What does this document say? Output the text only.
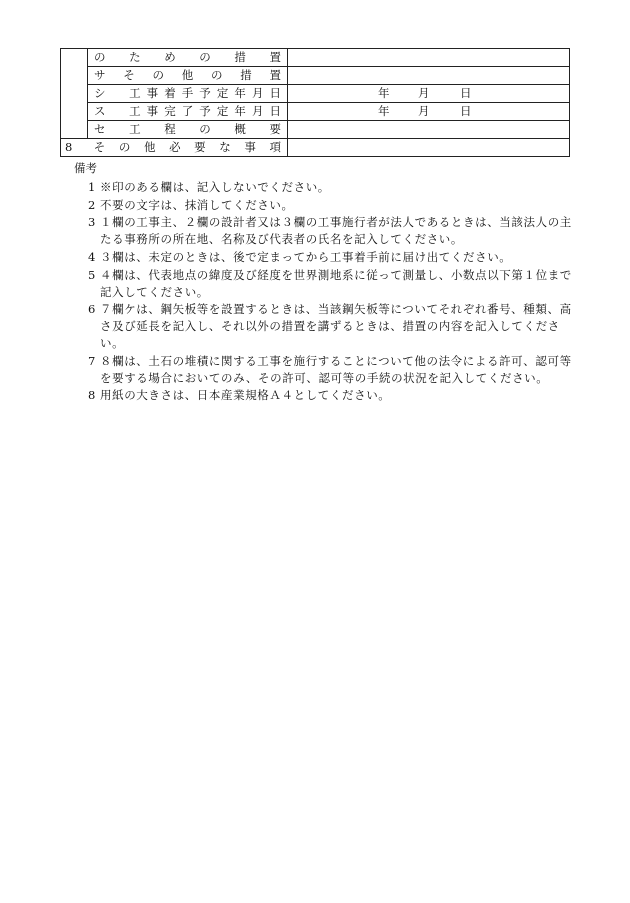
	の　た　め　の　措　置	
	サ　そ　の　他　の　措　置	
	シ　工事着手予定年月日	年 月 日

	ス　工事完了予定年月日	年 月 日

	セ　工　程　の　概　要	
8　そ の 他 必 要 な 事 項		
備考
1 ※印のある欄は、記入しないでください。
2 不要の文字は、抹消してください。
3 １欄の工事主、２欄の設計者又は３欄の工事施行者が法人であるときは、当該法人の主たる事務所の所在地、名称及び代表者の氏名を記入してください。
4 ３欄は、未定のときは、後で定まってから工事着手前に届け出てください。
5 ４欄は、代表地点の緯度及び経度を世界測地系に従って測量し、小数点以下第１位まで記入してください。
6 ７欄ケは、鋼矢板等を設置するときは、当該鋼矢板等についてそれぞれ番号、種類、高さ及び延長を記入し、それ以外の措置を講ずるときは、措置の内容を記入してください。
7 ８欄は、土石の堆積に関する工事を施行することについて他の法令による許可、認可等を要する場合においてのみ、その許可、認可等の手続の状況を記入してください。
8 用紙の大きさは、日本産業規格Ａ４としてください。
